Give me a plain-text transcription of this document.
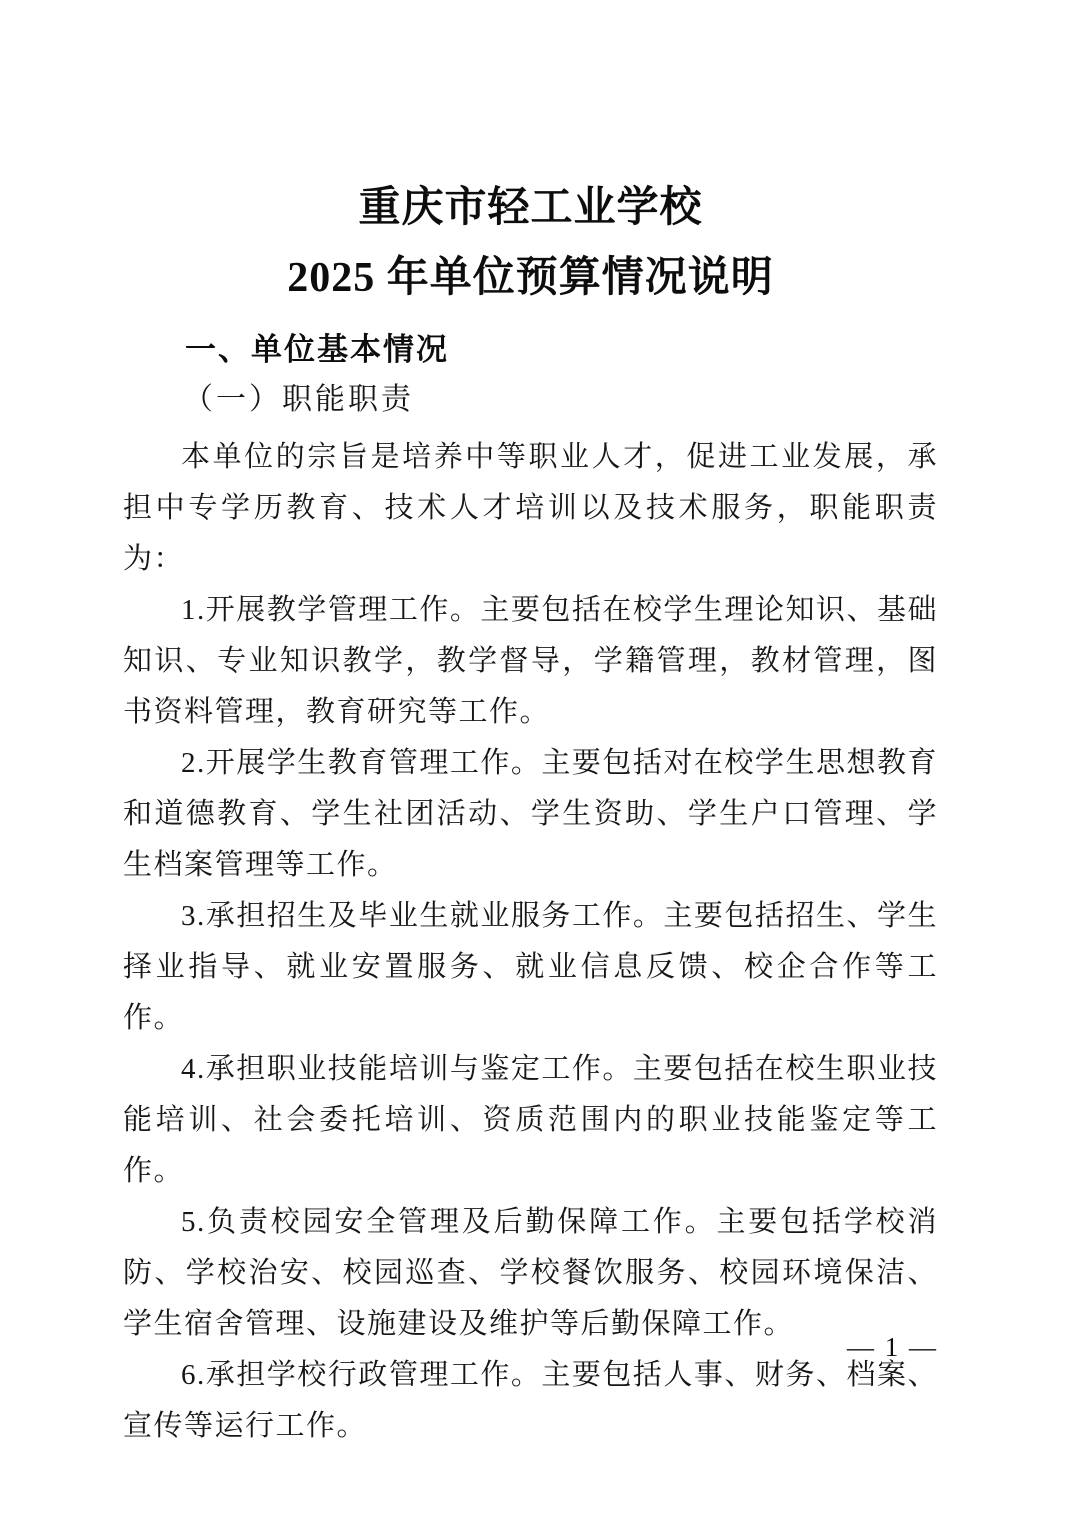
重庆市轻工业学校
2025 年单位预算情况说明
一、单位基本情况
（一）职能职责

本单位的宗旨是培养中等职业人才，促进工业发展，承担中专学历教育、技术人才培训以及技术服务，职能职责为：

1.开展教学管理工作。主要包括在校学生理论知识、基础知识、专业知识教学，教学督导，学籍管理，教材管理，图书资料管理，教育研究等工作。

2.开展学生教育管理工作。主要包括对在校学生思想教育和道德教育、学生社团活动、学生资助、学生户口管理、学生档案管理等工作。

3.承担招生及毕业生就业服务工作。主要包括招生、学生择业指导、就业安置服务、就业信息反馈、校企合作等工作。

4.承担职业技能培训与鉴定工作。主要包括在校生职业技能培训、社会委托培训、资质范围内的职业技能鉴定等工作。

5.负责校园安全管理及后勤保障工作。主要包括学校消防、学校治安、校园巡查、学校餐饮服务、校园环境保洁、学生宿舍管理、设施建设及维护等后勤保障工作。

6.承担学校行政管理工作。主要包括人事、财务、档案、宣传等运行工作。

— 1 —
